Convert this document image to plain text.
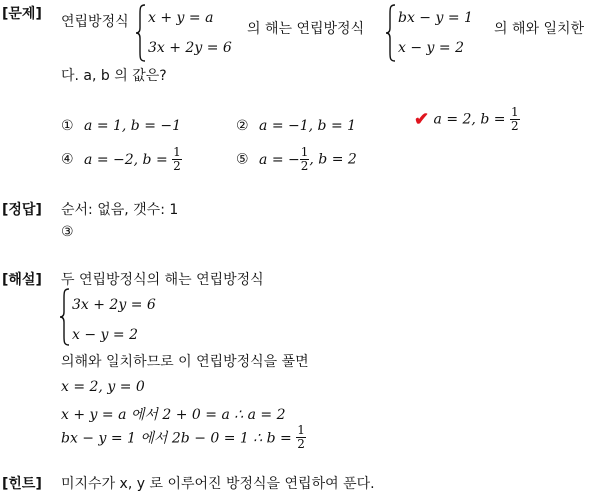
[문제] 연립방정식 x + y = a
3x + 2y = 6
의 해는 연립방정식
bx − y = 1
x − y = 2
의 해와 일치한
다. a, b 의 값은?
① a = 1, b = −1	② a = −1, b = 1	✔ a = 2, $b = \frac{1}{2}$
④ a = −2, $b = \frac{1}{2}$	⑤ a = − $\frac{1}{2}$ , b = 2
[정답] 순서: 없음, 갯수: 1
③
[해설] 두 연립방정식의 해는 연립방정식
3x + 2y = 6
x − y = 2
의해와 일치하므로 이 연립방정식을 풀면
x = 2, y = 0
x + y = a 에서 2 + 0 = a ∴ a = 2
bx − y = 1 에서 2b − 0 = 1 ∴ $b = \frac{1}{2}$
[힌트] 미지수가 x, y 로 이루어진 방정식을 연립하여 푼다.
